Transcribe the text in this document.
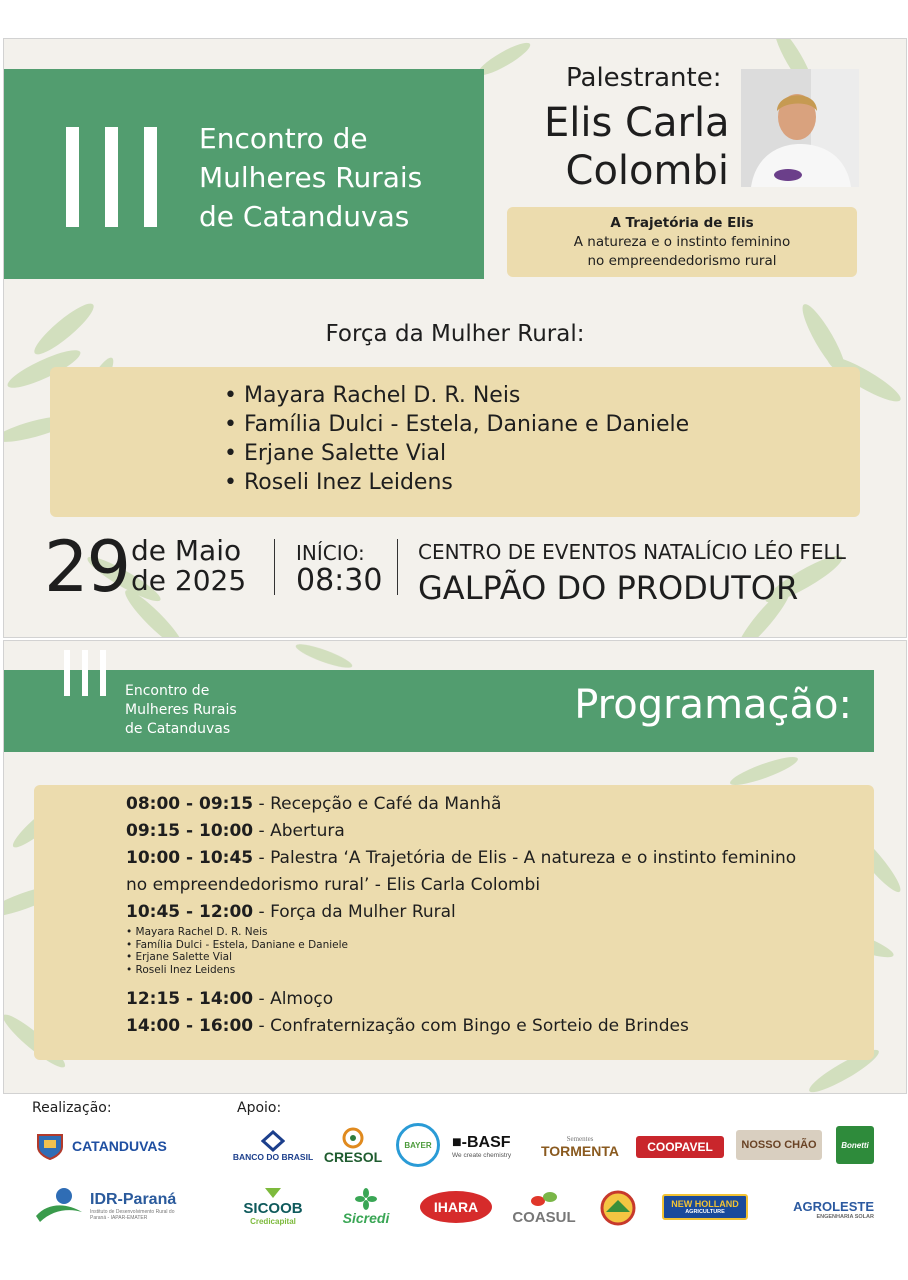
Encontro de
Mulheres Rurais
de Catanduvas
Palestrante:
Elis Carla
Colombi
A Trajetória de Elis
A natureza e o instinto feminino
no empreendedorismo rural
Força da Mulher Rural:
• Mayara Rachel D. R. Neis
• Família Dulci - Estela, Daniane e Daniele
• Erjane Salette Vial
• Roseli Inez Leidens
29 de Maio
de 2025
INÍCIO:
08:30
CENTRO DE EVENTOS NATALÍCIO LÉO FELL
GALPÃO DO PRODUTOR
Encontro de
Mulheres Rurais
de Catanduvas
Programação:
08:00 - 09:15 - Recepção e Café da Manhã
09:15 - 10:00 - Abertura
10:00 - 10:45 - Palestra ‘A Trajetória de Elis - A natureza e o instinto feminino
no empreendedorismo rural’ - Elis Carla Colombi
10:45 - 12:00 - Força da Mulher Rural
• Mayara Rachel D. R. Neis
• Família Dulci - Estela, Daniane e Daniele
• Erjane Salette Vial
• Roseli Inez Leidens
12:15 - 14:00 - Almoço
14:00 - 16:00 - Confraternização com Bingo e Sorteio de Brindes
Realização:	Apoio:
CATANDUVAS
IDR-Paraná
Instituto de Desenvolvimento Rural do Paraná - IAPAR-EMATER
BANCO DO BRASIL CRESOL
BAYER ■-BASF
We create chemistry
Sementes
TORMENTA COOPAVEL	NOSSO CHÃO	Bonetti
SICOOB
Credicapital	Sicredi
IHARA
COASUL
NEW HOLLAND
AGRICULTURE	AGROLESTE
ENGENHARIA SOLAR
